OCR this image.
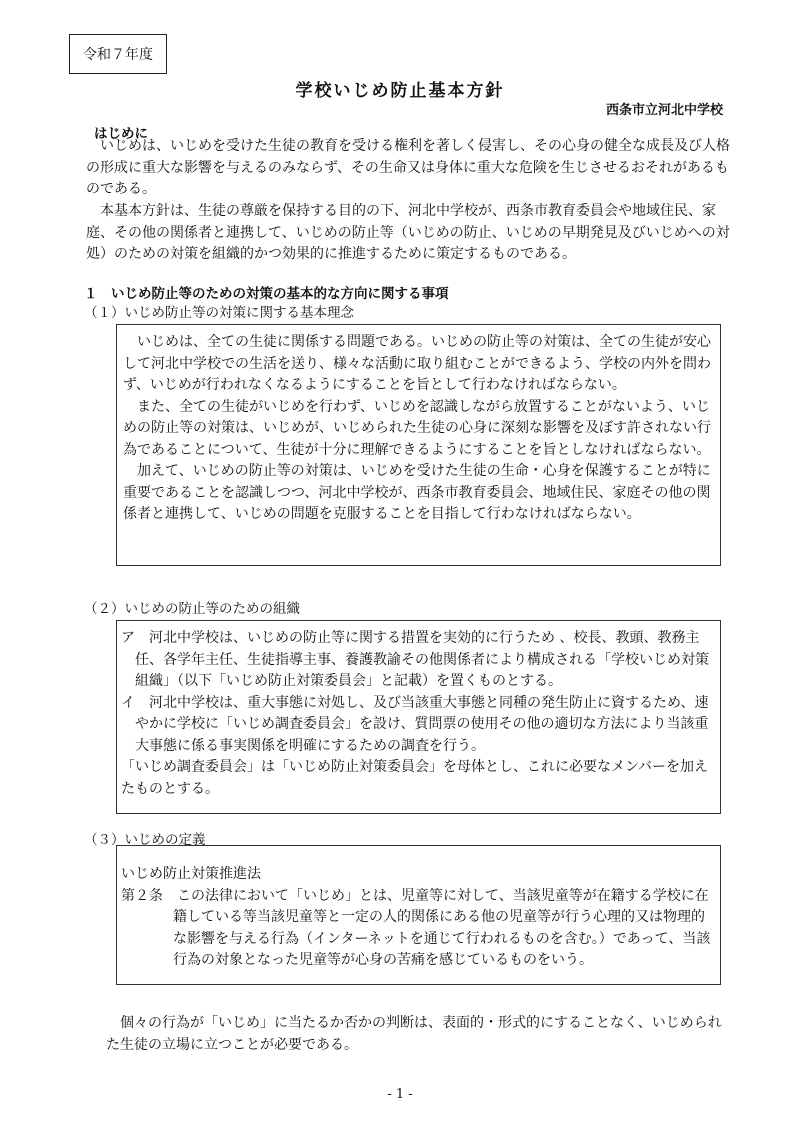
令和７年度
学校いじめ防止基本方針
西条市立河北中学校
はじめに

いじめは、いじめを受けた生徒の教育を受ける権利を著しく侵害し、その心身の健全な成長及び人格の形成に重大な影響を与えるのみならず、その生命又は身体に重大な危険を生じさせるおそれがあるものである。

本基本方針は、生徒の尊厳を保持する目的の下、河北中学校が、西条市教育委員会や地域住民、家庭、その他の関係者と連携して、いじめの防止等（いじめの防止、いじめの早期発見及びいじめへの対処）のための対策を組織的かつ効果的に推進するために策定するものである。

１　いじめ防止等のための対策の基本的な方向に関する事項
（１）いじめ防止等の対策に関する基本理念

いじめは、全ての生徒に関係する問題である。いじめの防止等の対策は、全ての生徒が安心して河北中学校での生活を送り、様々な活動に取り組むことができるよう、学校の内外を問わず、いじめが行われなくなるようにすることを旨として行わなければならない。

また、全ての生徒がいじめを行わず、いじめを認識しながら放置することがないよう、いじめの防止等の対策は、いじめが、いじめられた生徒の心身に深刻な影響を及ぼす許されない行為であることについて、生徒が十分に理解できるようにすることを旨としなければならない。

加えて、いじめの防止等の対策は、いじめを受けた生徒の生命・心身を保護することが特に重要であることを認識しつつ、河北中学校が、西条市教育委員会、地域住民、家庭その他の関係者と連携して、いじめの問題を克服することを目指して行わなければならない。

（２）いじめの防止等のための組織

ア　河北中学校は、いじめの防止等に関する措置を実効的に行うため 、校長、教頭、教務主任、各学年主任、生徒指導主事、養護教諭その他関係者により構成される「学校いじめ対策組織」（以下「いじめ防止対策委員会」と記載）を置くものとする。

イ　河北中学校は、重大事態に対処し、及び当該重大事態と同種の発生防止に資するため、速やかに学校に「いじめ調査委員会」を設け、質問票の使用その他の適切な方法により当該重大事態に係る事実関係を明確にするための調査を行う。

「いじめ調査委員会」は「いじめ防止対策委員会」を母体とし、これに必要なメンバーを加えたものとする。

（３）いじめの定義

いじめ防止対策推進法

第２条　この法律において「いじめ」とは、児童等に対して、当該児童等が在籍する学校に在籍している等当該児童等と一定の人的関係にある他の児童等が行う心理的又は物理的な影響を与える行為（インターネットを通じて行われるものを含む。）であって、当該行為の対象となった児童等が心身の苦痛を感じているものをいう。

個々の行為が「いじめ」に当たるか否かの判断は、表面的・形式的にすることなく、いじめられた生徒の立場に立つことが必要である。

- 1 -
